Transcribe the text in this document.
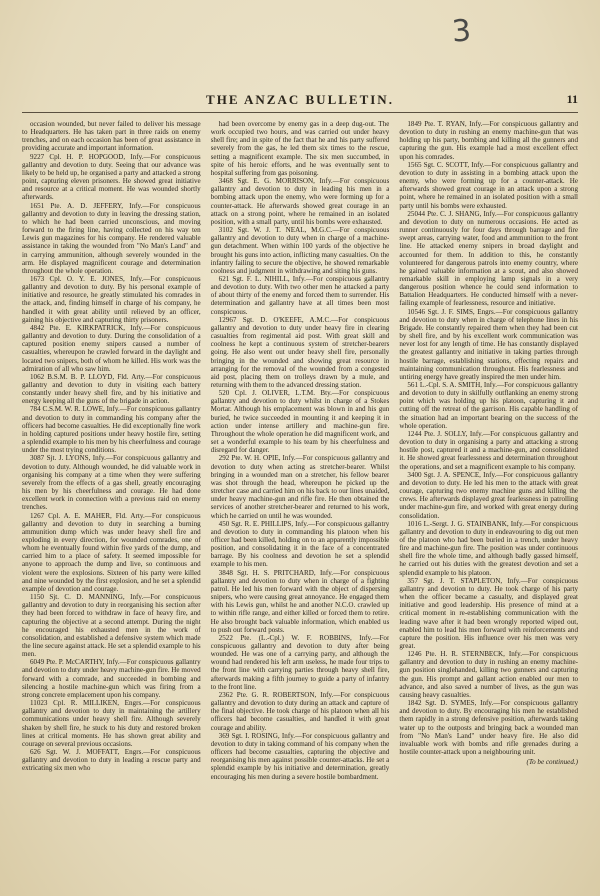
3
THE ANZAC BULLETIN.	11

occasion wounded, but never failed to deliver his message to Headquarters. He has taken part in three raids on enemy trenches, and on each occasion has been of great assistance in providing accurate and important information.

9227 Cpl. H. P. HOPGOOD, Infy.—For conspicuous gallantry and devotion to duty. Seeing that our advance was likely to be held up, he organised a party and attacked a strong point, capturing eleven prisoners. He showed great initiative and resource at a critical moment. He was wounded shortly afterwards.

1651 Pte. A. D. JEFFERY, Infy.—For conspicuous gallantry and devotion to duty in leaving the dressing station, to which he had been carried unconscious, and moving forward to the firing line, having collected on his way ten Lewis gun magazines for his company. He rendered valuable assistance in taking the wounded from "No Man's Land" and in carrying ammunition, although severely wounded in the arm. He displayed magnificent courage and determination throughout the whole operation.

1673 Cpl. O. Y. E. JONES, Infy.—For conspicuous gallantry and devotion to duty. By his personal example of initiative and resource, he greatly stimulated his comrades in the attack, and, finding himself in charge of his company, he handled it with great ability until relieved by an officer, gaining his objective and capturing thirty prisoners.

4842 Pte. E. KIRKPATRICK, Infy.—For conspicuous gallantry and devotion to duty. During the consolidation of a captured position enemy snipers caused a number of casualties, whereupon he crawled forward in the daylight and located two snipers, both of whom he killed. His work was the admiration of all who saw him.

1062 B.S.M. B. P. LLOYD, Fld. Arty.—For conspicuous gallantry and devotion to duty in visiting each battery constantly under heavy shell fire, and by his initiative and energy keeping all the guns of the brigade in action.

784 C.S.M. W. R. LOWE, Infy.—For conspicuous gallantry and devotion to duty in commanding his company after the officers had become casualties. He did exceptionally fine work in holding captured positions under heavy hostile fire, setting a splendid example to his men by his cheerfulness and courage under the most trying conditions.

3087 Sjt. J. LYONS, Infy.—For conspicuous gallantry and devotion to duty. Although wounded, he did valuable work in organising his company at a time when they were suffering severely from the effects of a gas shell, greatly encouraging his men by his cheerfulness and courage. He had done excellent work in connection with a previous raid on enemy trenches.

1267 Cpl. A. E. MAHER, Fld. Arty.—For conspicuous gallantry and devotion to duty in searching a burning ammunition dump which was under heavy shell fire and exploding in every direction, for wounded comrades, one of whom he eventually found within five yards of the dump, and carried him to a place of safety. It seemed impossible for anyone to approach the dump and live, so continuous and violent were the explosions. Sixteen of his party were killed and nine wounded by the first explosion, and he set a splendid example of devotion and courage.

1150 Sjt. C. D. MANNING, Infy.—For conspicuous gallantry and devotion to duty in reorganising his section after they had been forced to withdraw in face of heavy fire, and capturing the objective at a second attempt. During the night he encouraged his exhausted men in the work of consolidation, and established a defensive system which made the line secure against attack. He set a splendid example to his men.

6049 Pte. P. McCARTHY, Infy.—For conspicuous gallantry and devotion to duty under heavy machine-gun fire. He moved forward with a comrade, and succeeded in bombing and silencing a hostile machine-gun which was firing from a strong concrete emplacement upon his company.

11023 Cpl. R. MILLIKEN, Engrs.—For conspicuous gallantry and devotion to duty in maintaining the artillery communications under heavy shell fire. Although severely shaken by shell fire, he stuck to his duty and restored broken lines at critical moments. He has shown great ability and courage on several previous occasions.

626 Sgt. W. J. MOFFATT, Engrs.—For conspicuous gallantry and devotion to duty in leading a rescue party and extricating six men who

had been overcome by enemy gas in a deep dug-out. The work occupied two hours, and was carried out under heavy shell fire; and in spite of the fact that he and his party suffered severely from the gas, he led them six times to the rescue, setting a magnificent example. The six men succumbed, in spite of his heroic efforts, and he was eventually sent to hospital suffering from gas poisoning.

3468 Sgt. E. G. MORRISON, Infy.—For conspicuous gallantry and devotion to duty in leading his men in a bombing attack upon the enemy, who were forming up for a counter-attack. He afterwards showed great courage in an attack on a strong point, where he remained in an isolated position, with a small party, until his bombs were exhausted.

3102 Sgt. W. J. T. NEAL, M.G.C.—For conspicuous gallantry and devotion to duty when in charge of a machine-gun detachment. When within 100 yards of the objective he brought his guns into action, inflicting many casualties. On the infantry failing to secure the objective, he showed remarkable coolness and judgment in withdrawing and siting his guns.

621 Sgt. F. L. NIHILL, Infy.—For conspicuous gallantry and devotion to duty. With two other men he attacked a party of about thirty of the enemy and forced them to surrender. His determination and gallantry have at all times been most conspicuous.

12967 Sgt. D. O'KEEFE, A.M.C.—For conspicuous gallantry and devotion to duty under heavy fire in clearing casualties from regimental aid post. With great skill and coolness he kept a continuous system of stretcher-bearers going. He also went out under heavy shell fire, personally bringing in the wounded and showing great resource in arranging for the removal of the wounded from a congested aid post, placing them on trolleys drawn by a mule, and returning with them to the advanced dressing station.

520 Cpl. J. OLIVER, L.T.M. Bty.—For conspicuous gallantry and devotion to duty whilst in charge of a Stokes Mortar. Although his emplacement was blown in and his gun buried, he twice succeeded in mounting it and keeping it in action under intense artillery and machine-gun fire. Throughout the whole operation he did magnificent work, and set a wonderful example to his team by his cheerfulness and disregard for danger.

292 Pte. W. H. OPIE, Infy.—For conspicuous gallantry and devotion to duty when acting as stretcher-bearer. Whilst bringing in a wounded man on a stretcher, his fellow bearer was shot through the head, whereupon he picked up the stretcher case and carried him on his back to our lines unaided, under heavy machine-gun and rifle fire. He then obtained the services of another stretcher-bearer and returned to his work, which he carried on until he was wounded.

450 Sgt. R. E. PHILLIPS, Infy.—For conspicuous gallantry and devotion to duty in commanding his platoon when his officer had been killed, holding on to an apparently impossible position, and consolidating it in the face of a concentrated barrage. By his coolness and devotion he set a splendid example to his men.

3848 Sgt. H. S. PRITCHARD, Infy.—For conspicuous gallantry and devotion to duty when in charge of a fighting patrol. He led his men forward with the object of dispersing snipers, who were causing great annoyance. He engaged them with his Lewis gun, whilst he and another N.C.O. crawled up to within rifle range, and either killed or forced them to retire. He also brought back valuable information, which enabled us to push out forward posts.

2522 Pte. (L.-Cpl.) W. F. ROBBINS, Infy.—For conspicuous gallantry and devotion to duty after being wounded. He was one of a carrying party, and although the wound had rendered his left arm useless, he made four trips to the front line with carrying parties through heavy shell fire, afterwards making a fifth journey to guide a party of infantry to the front line.

2362 Pte. G. R. ROBERTSON, Infy.—For conspicuous gallantry and devotion to duty during an attack and capture of the final objective. He took charge of his platoon when all his officers had become casualties, and handled it with great courage and ability.

369 Sgt. I. ROSING, Infy.—For conspicuous gallantry and devotion to duty in taking command of his company when the officers had become casualties, capturing the objective and reorganising his men against possible counter-attacks. He set a splendid example by his initiative and determination, greatly encouraging his men during a severe hostile bombardment.

1849 Pte. T. RYAN, Infy.—For conspicuous gallantry and devotion to duty in rushing an enemy machine-gun that was holding up his party, bombing and killing all the gunners and capturing the gun. His example had a most excellent effect upon his comrades.

1565 Sgt. C. SCOTT, Infy.—For conspicuous gallantry and devotion to duty in assisting in a bombing attack upon the enemy, who were forming up for a counter-attack. He afterwards showed great courage in an attack upon a strong point, where he remained in an isolated position with a small party until his bombs were exhausted.

25044 Pte. C. J. SHANG, Infy.—For conspicuous gallantry and devotion to duty on numerous occasions. He acted as runner continuously for four days through barrage and fire swept areas, carrying water, food and ammunition to the front line. He attacked enemy snipers in broad daylight and accounted for them. In addition to this, he constantly volunteered for dangerous patrols into enemy country, where he gained valuable information at a scout, and also showed remarkable skill in employing lamp signals in a very dangerous position whence he could send information to Battalion Headquarters. He conducted himself with a never-failing example of fearlessness, resource and initiative.

10546 Sgt. J. F. SIMS, Engrs.—For conspicuous gallantry and devotion to duty when in charge of telephone lines in his Brigade. He constantly repaired them when they had been cut by shell fire, and by his excellent work communication was never lost for any length of time. He has constantly displayed the greatest gallantry and initiative in taking parties through hostile barrage, establishing stations, effecting repairs and maintaining communication throughout. His fearlessness and untiring energy have greatly inspired the men under him.

561 L.-Cpl. S. A. SMITH, Infy.—For conspicuous gallantry and devotion to duty in skilfully outflanking an enemy strong point which was holding up his platoon, capturing it and cutting off the retreat of the garrison. His capable handling of the situation had an important bearing on the success of the whole operation.

1244 Pte. J. SOLLY, Infy.—For conspicuous gallantry and devotion to duty in organising a party and attacking a strong hostile post, captured it and a machine-gun, and consolidated it. He showed great fearlessness and determination throughout the operations, and set a magnificent example to his company.

3400 Sgt. J. A. SPENCE, Infy.—For conspicuous gallantry and devotion to duty. He led his men to the attack with great courage, capturing two enemy machine guns and killing the crews. He afterwards displayed great fearlessness in patrolling under machine-gun fire, and worked with great energy during consolidation.

1016 L.-Sergt. J. G. STAINBANK, Infy.—For conspicuous gallantry and devotion to duty in endeavouring to dig out men of the platoon who had been buried in a trench, under heavy fire and machine-gun fire. The position was under continuous shell fire the whole time, and although badly gassed himself, he carried out his duties with the greatest devotion and set a splendid example to his platoon.

357 Sgt. J. T. STAPLETON, Infy.—For conspicuous gallantry and devotion to duty. He took charge of his party when the officer became a casualty, and displayed great initiative and good leadership. His presence of mind at a critical moment in re-establishing communication with the leading wave after it had been wrongly reported wiped out, enabled him to lead his men forward with reinforcements and capture the position. His influence over his men was very great.

1246 Pte. H. R. STERNBECK, Infy.—For conspicuous gallantry and devotion to duty in rushing an enemy machine-gun position singlehanded, killing two gunners and capturing the gun. His prompt and gallant action enabled our men to advance, and also saved a number of lives, as the gun was causing heavy casualties.

1842 Sgt. D. SYMES, Infy.—For conspicuous gallantry and devotion to duty. By encouraging his men he established them rapidly in a strong defensive position, afterwards taking water up to the outposts and bringing back a wounded man from "No Man's Land" under heavy fire. He also did invaluable work with bombs and rifle grenades during a hostile counter-attack upon a neighbouring unit.

(To be continued.)
